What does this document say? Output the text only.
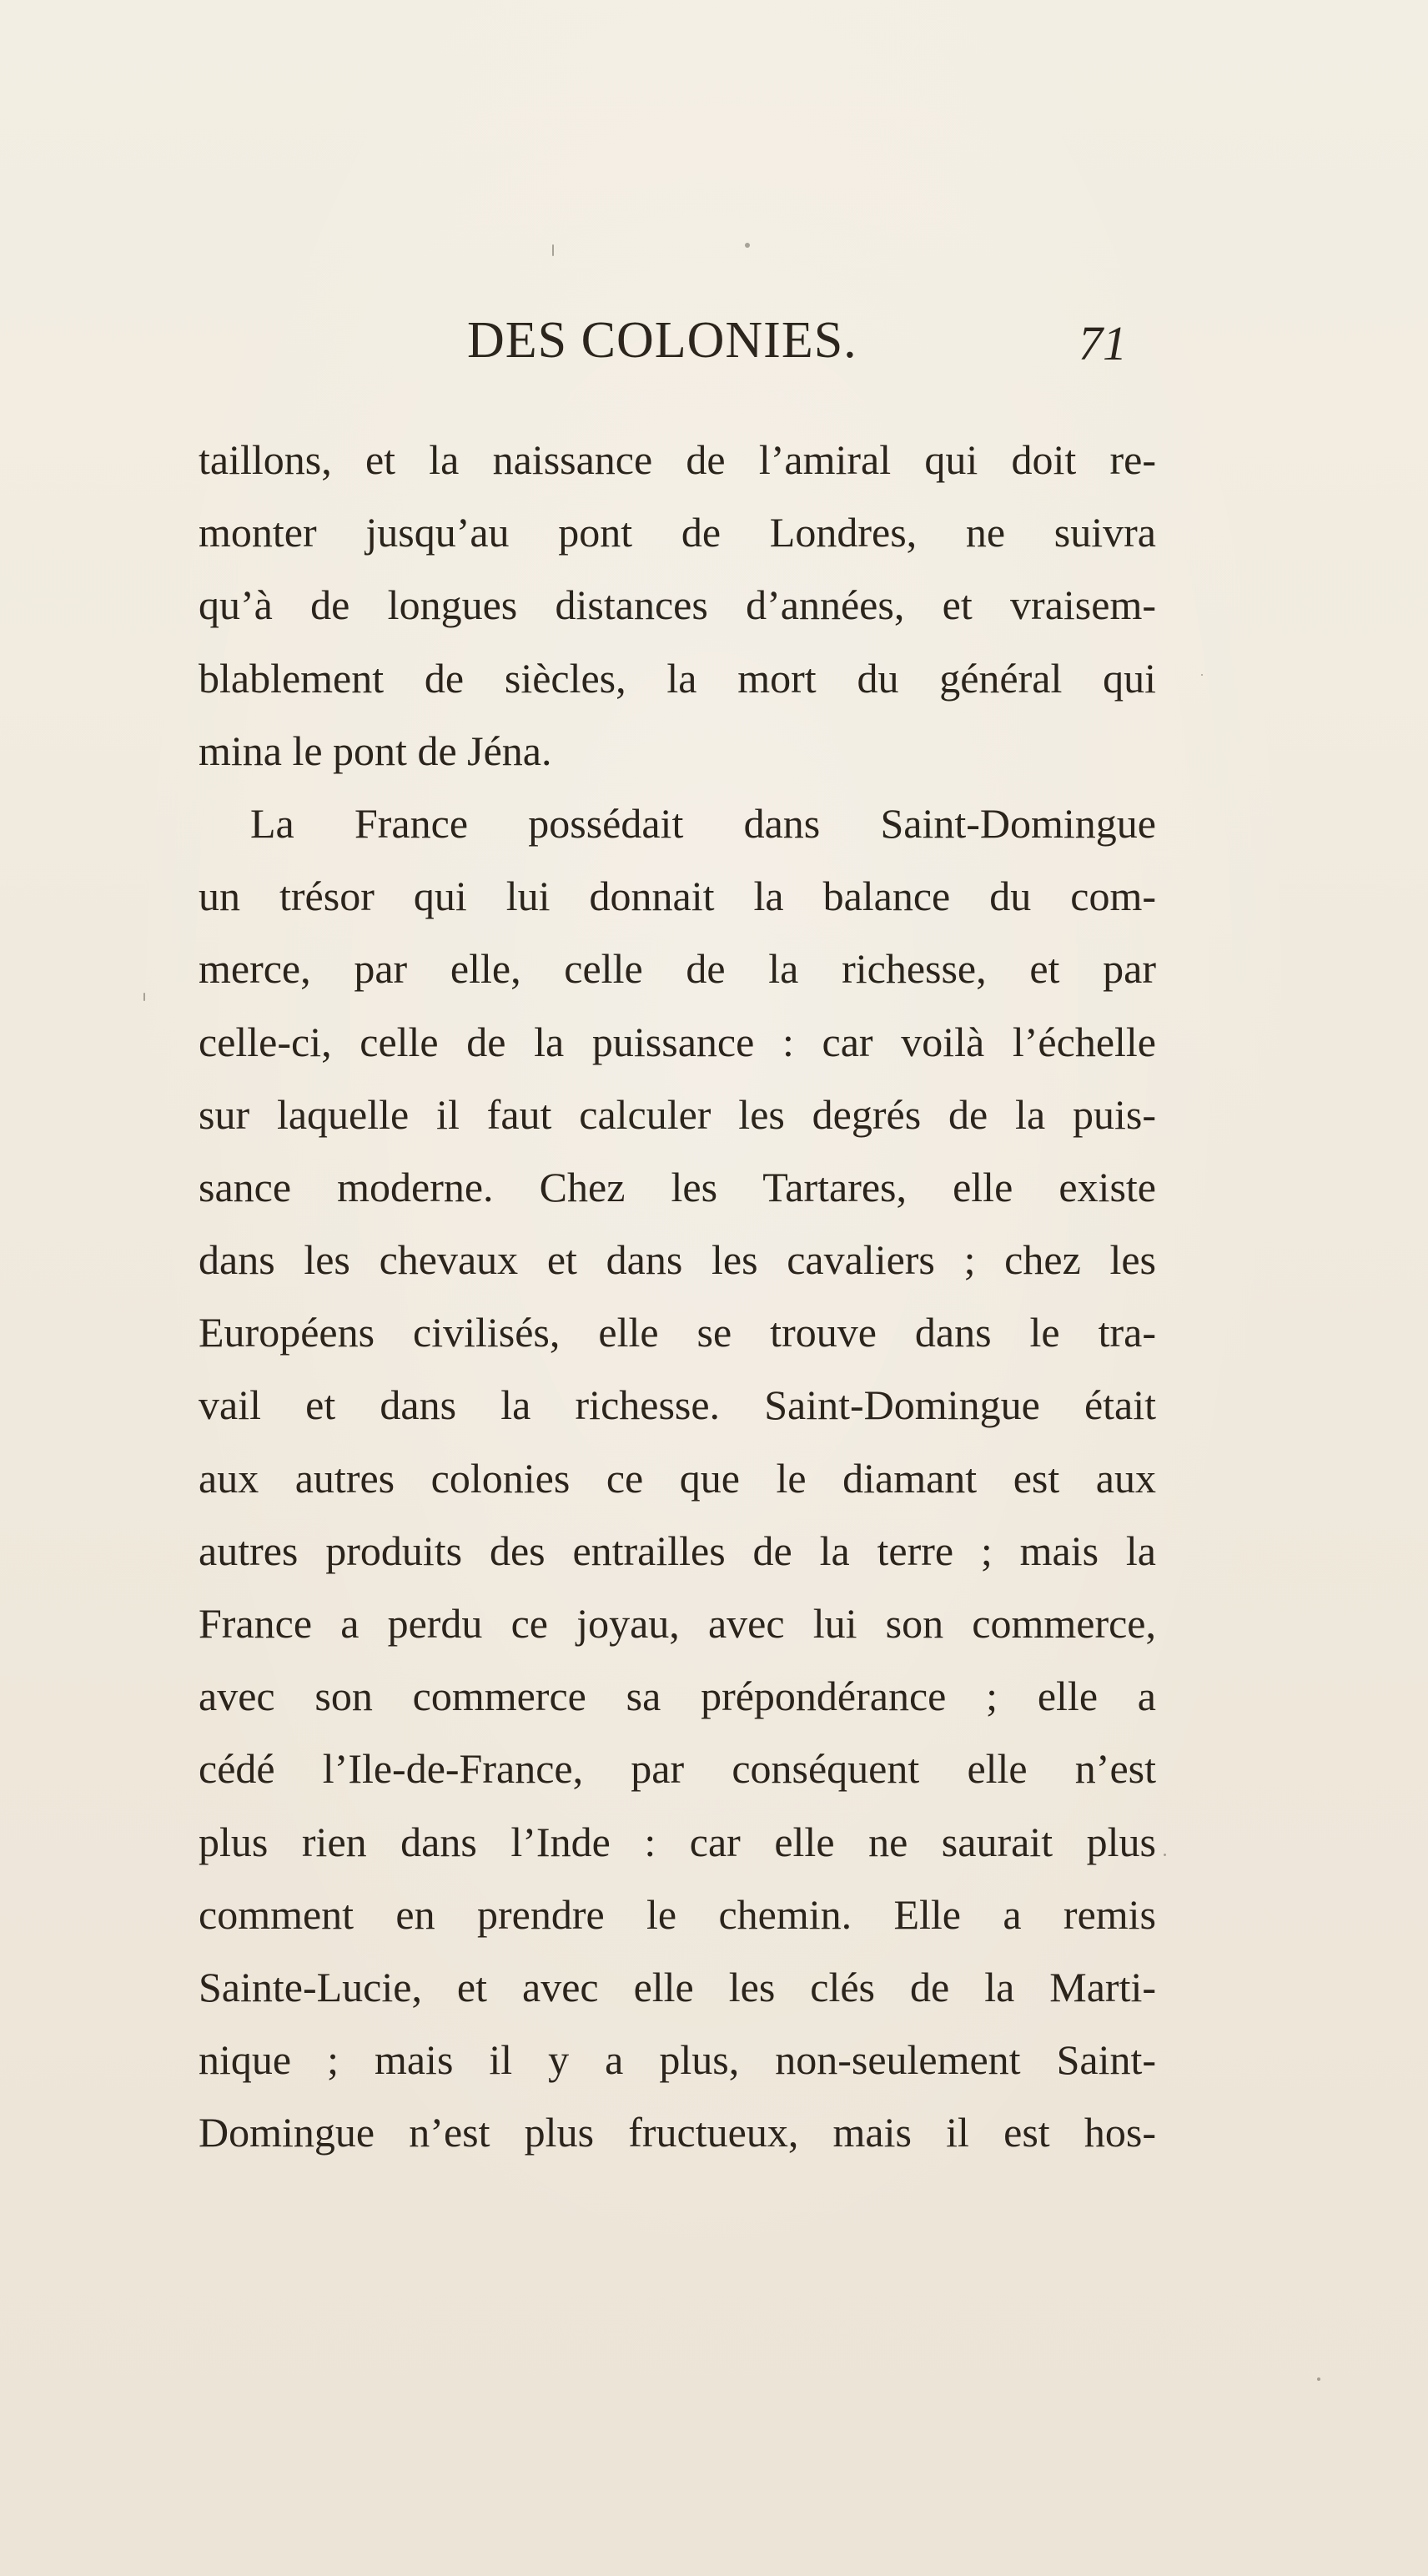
DES COLONIES.	71
taillons, et la naissance de l’amiral qui doit re-
monter jusqu’au pont de Londres, ne suivra
qu’à de longues distances d’années, et vraisem-
blablement de siècles, la mort du général qui
mina le pont de Jéna.
La France possédait dans Saint-Domingue
un trésor qui lui donnait la balance du com-
merce, par elle, celle de la richesse, et par
celle-ci, celle de la puissance : car voilà l’échelle
sur laquelle il faut calculer les degrés de la puis-
sance moderne. Chez les Tartares, elle existe
dans les chevaux et dans les cavaliers ; chez les
Européens civilisés, elle se trouve dans le tra-
vail et dans la richesse. Saint-Domingue était
aux autres colonies ce que le diamant est aux
autres produits des entrailles de la terre ; mais la
France a perdu ce joyau, avec lui son commerce,
avec son commerce sa prépondérance ; elle a
cédé l’Ile-de-France, par conséquent elle n’est
plus rien dans l’Inde : car elle ne saurait plus
comment en prendre le chemin. Elle a remis
Sainte-Lucie, et avec elle les clés de la Marti-
nique ; mais il y a plus, non-seulement Saint-
Domingue n’est plus fructueux, mais il est hos-
